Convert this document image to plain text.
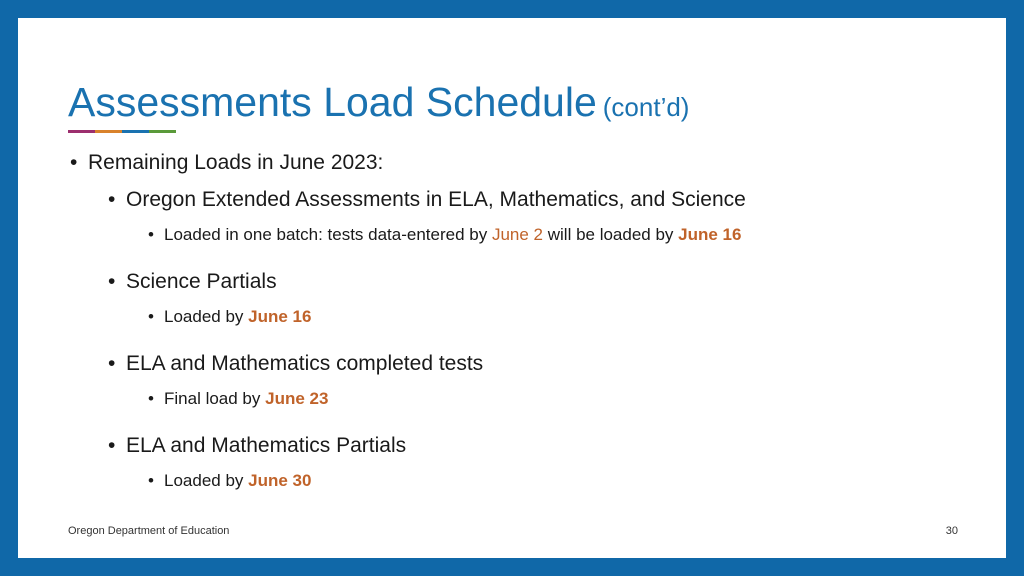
Assessments Load Schedule (cont’d)
• Remaining Loads in June 2023:
• Oregon Extended Assessments in ELA, Mathematics, and Science
• Loaded in one batch: tests data-entered by June 2 will be loaded by June 16
• Science Partials
• Loaded by June 16
• ELA and Mathematics completed tests
• Final load by June 23
• ELA and Mathematics Partials
• Loaded by June 30
Oregon Department of Education	30
